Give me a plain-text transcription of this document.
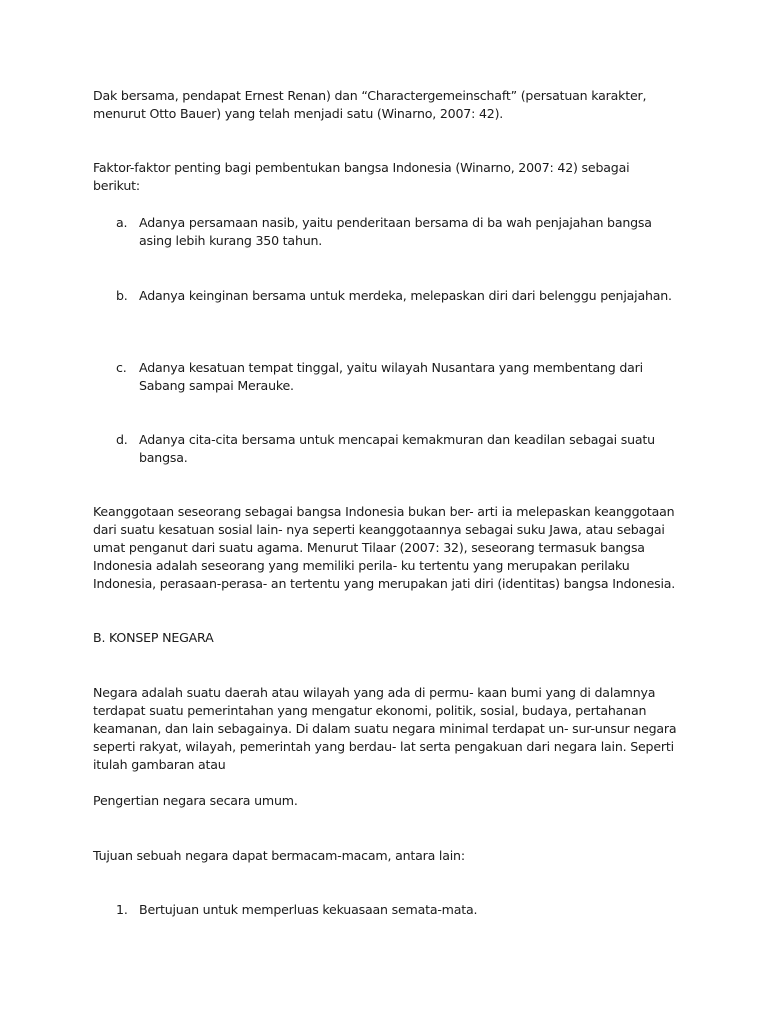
Dak bersama, pendapat Ernest Renan) dan “Charactergemeinschaft” (persatuan karakter, menurut Otto Bauer) yang telah menjadi satu (Winarno, 2007: 42).

Faktor-faktor penting bagi pembentukan bangsa Indonesia (Winarno, 2007: 42) sebagai berikut:

a. Adanya persamaan nasib, yaitu penderitaan bersama di ba wah penjajahan bangsa asing lebih kurang 350 tahun.
b. Adanya keinginan bersama untuk merdeka, melepaskan diri dari belenggu penjajahan.
c. Adanya kesatuan tempat tinggal, yaitu wilayah Nusantara yang membentang dari Sabang sampai Merauke.
d. Adanya cita-cita bersama untuk mencapai kemakmuran dan keadilan sebagai suatu bangsa.

Keanggotaan seseorang sebagai bangsa Indonesia bukan ber- arti ia melepaskan keanggotaan dari suatu kesatuan sosial lain- nya seperti keanggotaannya sebagai suku Jawa, atau sebagai umat penganut dari suatu agama. Menurut Tilaar (2007: 32), seseorang termasuk bangsa Indonesia adalah seseorang yang memiliki perila- ku tertentu yang merupakan perilaku Indonesia, perasaan-perasa- an tertentu yang merupakan jati diri (identitas) bangsa Indonesia.

B. KONSEP NEGARA

Negara adalah suatu daerah atau wilayah yang ada di permu- kaan bumi yang di dalamnya terdapat suatu pemerintahan yang mengatur ekonomi, politik, sosial, budaya, pertahanan keamanan, dan lain sebagainya. Di dalam suatu negara minimal terdapat un- sur-unsur negara seperti rakyat, wilayah, pemerintah yang berdau- lat serta pengakuan dari negara lain. Seperti itulah gambaran atau

Pengertian negara secara umum.

Tujuan sebuah negara dapat bermacam-macam, antara lain:

1. Bertujuan untuk memperluas kekuasaan semata-mata.
